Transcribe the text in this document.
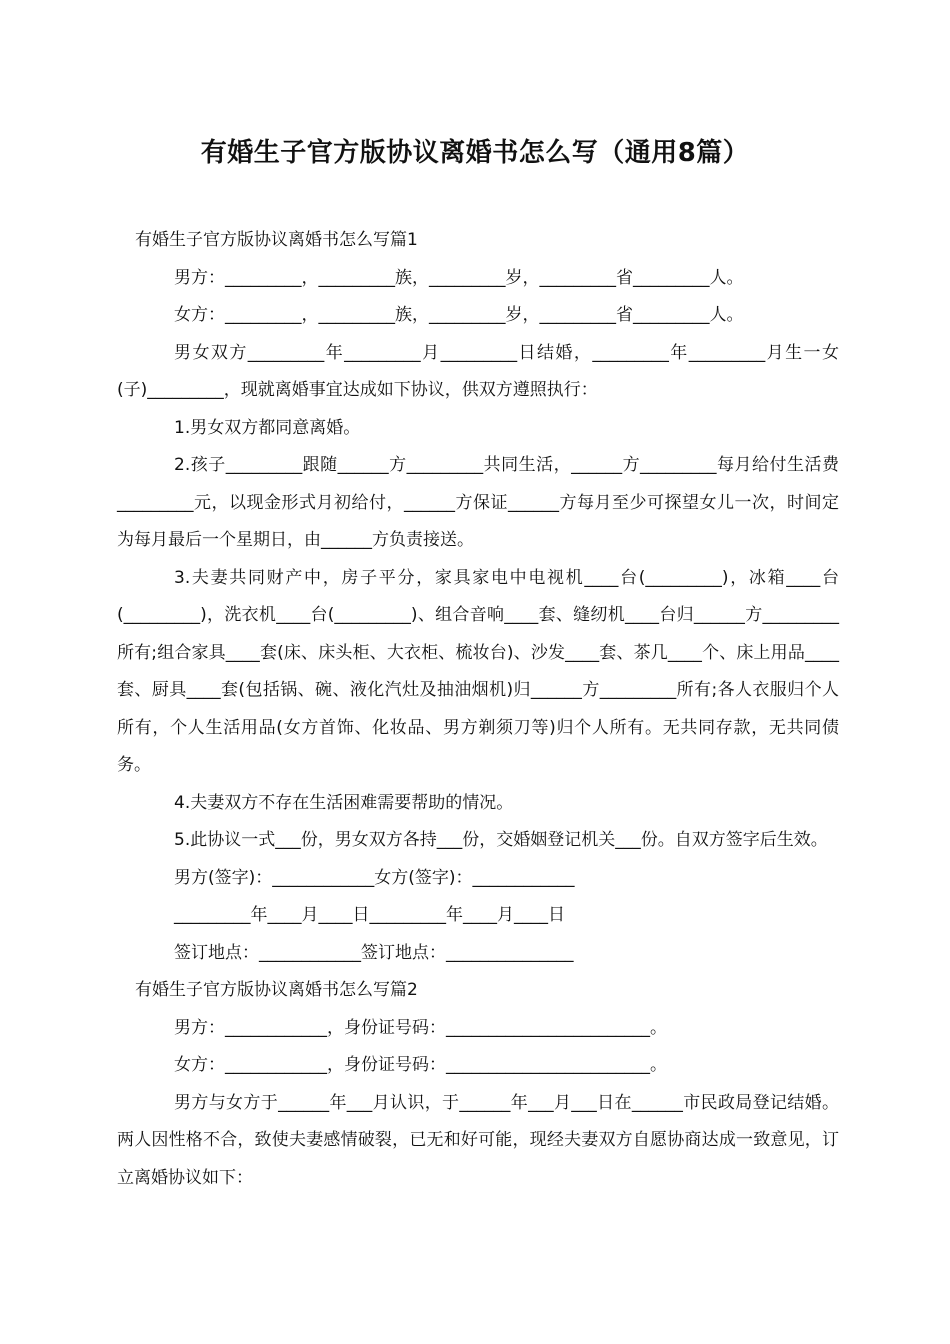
有婚生子官方版协议离婚书怎么写（通用8篇）

有婚生子官方版协议离婚书怎么写篇1

男方：_________，_________族，_________岁，_________省_________人。

女方：_________，_________族，_________岁，_________省_________人。

男女双方_________年_________月_________日结婚，_________年_________月生一女(子)_________，现就离婚事宜达成如下协议，供双方遵照执行：

1.男女双方都同意离婚。

2.孩子_________跟随______方_________共同生活，______方_________每月给付生活费_________元，以现金形式月初给付，______方保证______方每月至少可探望女儿一次，时间定为每月最后一个星期日，由______方负责接送。

3.夫妻共同财产中，房子平分，家具家电中电视机____台(_________)，冰箱____台(_________)，洗衣机____台(_________)、组合音响____套、缝纫机____台归______方_________所有;组合家具____套(床、床头柜、大衣柜、梳妆台)、沙发____套、茶几____个、床上用品____套、厨具____套(包括锅、碗、液化汽灶及抽油烟机)归______方_________所有;各人衣服归个人所有，个人生活用品(女方首饰、化妆品、男方剃须刀等)归个人所有。无共同存款，无共同债务。

4.夫妻双方不存在生活困难需要帮助的情况。

5.此协议一式___份，男女双方各持___份，交婚姻登记机关___份。自双方签字后生效。

男方(签字)：____________女方(签字)：____________

_________年____月____日_________年____月____日

签订地点：____________签订地点：_______________

有婚生子官方版协议离婚书怎么写篇2

男方：____________，身份证号码：________________________。

女方：____________，身份证号码：________________________。

男方与女方于______年___月认识，于______年___月___日在______市民政局登记结婚。两人因性格不合，致使夫妻感情破裂，已无和好可能，现经夫妻双方自愿协商达成一致意见，订立离婚协议如下：
